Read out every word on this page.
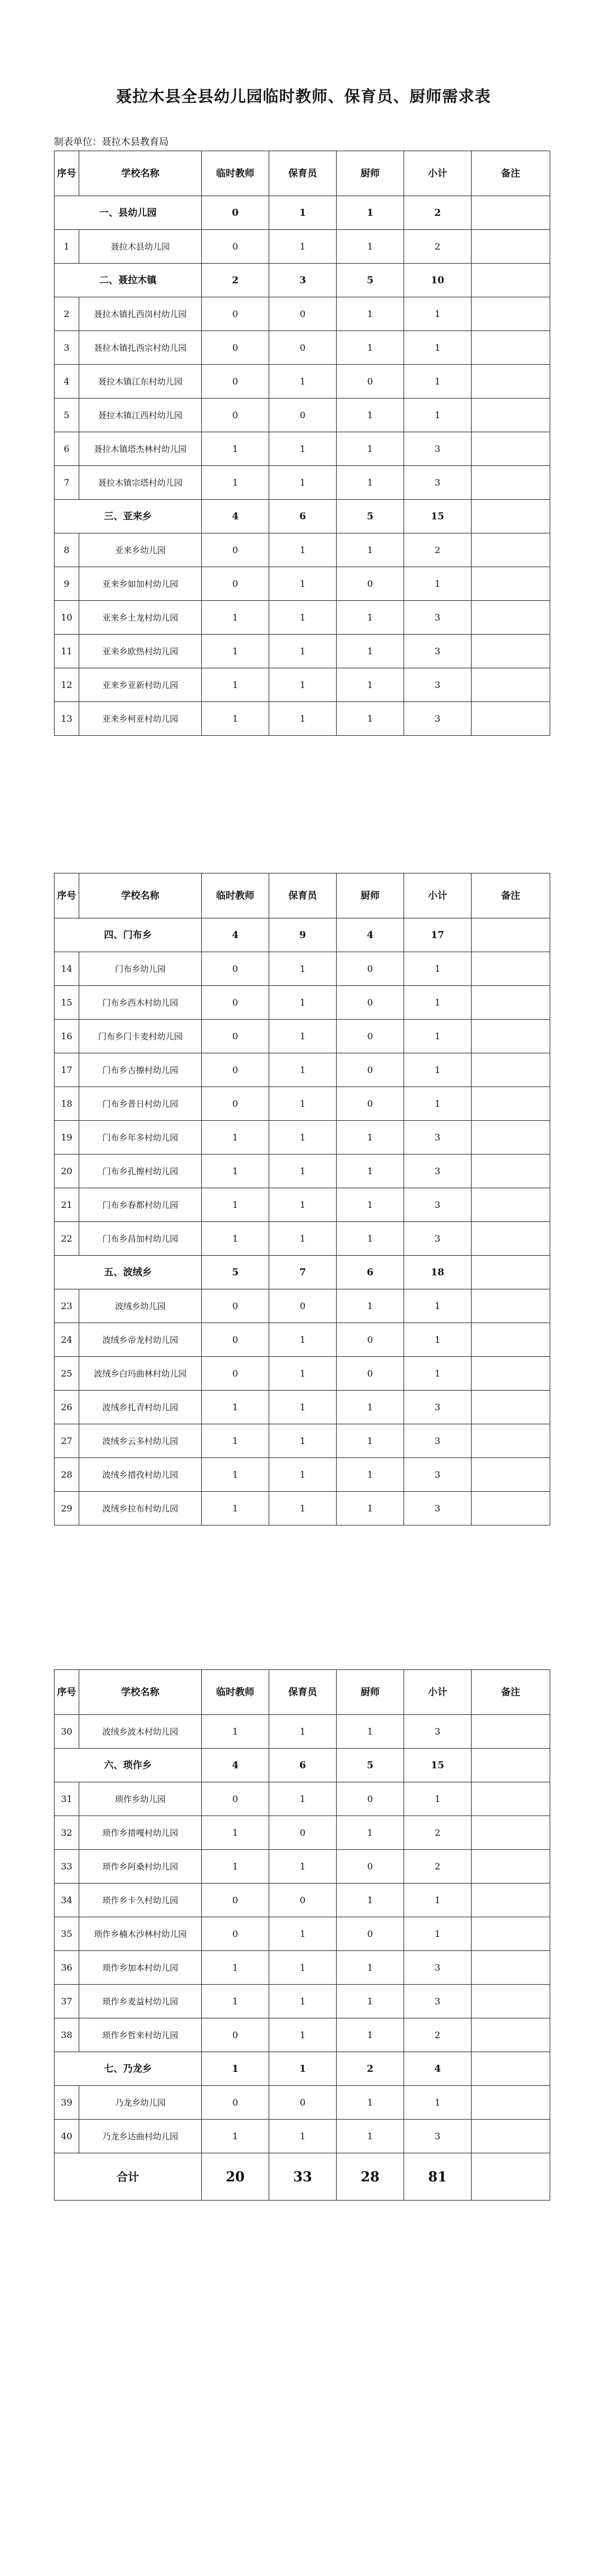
聂拉木县全县幼儿园临时教师、保育员、厨师需求表
制表单位：聂拉木县教育局
序号	学校名称	临时教师	保育员	厨师	小计	备注
一、县幼儿园		0	1	1	2	
1	聂拉木县幼儿园	0	1	1	2	
二、聂拉木镇		2	3	5	10	
2	聂拉木镇扎西岗村幼儿园	0	0	1	1	
3	聂拉木镇扎西宗村幼儿园	0	0	1	1	
4	聂拉木镇江东村幼儿园	0	1	0	1	
5	聂拉木镇江西村幼儿园	0	0	1	1	
6	聂拉木镇塔杰林村幼儿园	1	1	1	3	
7	聂拉木镇宗塔村幼儿园	1	1	1	3	
三、亚来乡		4	6	5	15	
8	亚来乡幼儿园	0	1	1	2	
9	亚来乡如加村幼儿园	0	1	0	1	
10	亚来乡土龙村幼儿园	1	1	1	3	
11	亚来乡欧热村幼儿园	1	1	1	3	
12	亚来乡亚新村幼儿园	1	1	1	3	
13	亚来乡柯亚村幼儿园	1	1	1	3	
序号	学校名称	临时教师	保育员	厨师	小计	备注
四、门布乡		4	9	4	17	
14	门布乡幼儿园	0	1	0	1	
15	门布乡西木村幼儿园	0	1	0	1	
16	门布乡门卡麦村幼儿园	0	1	0	1	
17	门布乡古擦村幼儿园	0	1	0	1	
18	门布乡普日村幼儿园	0	1	0	1	
19	门布乡年多村幼儿园	1	1	1	3	
20	门布乡孔擦村幼儿园	1	1	1	3	
21	门布乡春都村幼儿园	1	1	1	3	
22	门布乡昌加村幼儿园	1	1	1	3	
五、波绒乡		5	7	6	18	
23	波绒乡幼儿园	0	0	1	1	
24	波绒乡帝龙村幼儿园	0	1	0	1	
25	波绒乡白玛曲林村幼儿园	0	1	0	1	
26	波绒乡扎青村幼儿园	1	1	1	3	
27	波绒乡云多村幼儿园	1	1	1	3	
28	波绒乡措孜村幼儿园	1	1	1	3	
29	波绒乡拉布村幼儿园	1	1	1	3	
序号	学校名称	临时教师	保育员	厨师	小计	备注
30	波绒乡波木村幼儿园	1	1	1	3	
六、琐作乡		4	6	5	15	
31	琐作乡幼儿园	0	1	0	1	
32	琐作乡措嘎村幼儿园	1	0	1	2	
33	琐作乡阿桑村幼儿园	1	1	0	2	
34	琐作乡卡久村幼儿园	0	0	1	1	
35	琐作乡楠木沙林村幼儿园	0	1	0	1	
36	琐作乡加本村幼儿园	1	1	1	3	
37	琐作乡麦益村幼儿园	1	1	1	3	
38	琐作乡哲来村幼儿园	0	1	1	2	
七、乃龙乡		1	1	2	4	
39	乃龙乡幼儿园	0	0	1	1	
40	乃龙乡达曲村幼儿园	1	1	1	3	
合计		20	33	28	81	
